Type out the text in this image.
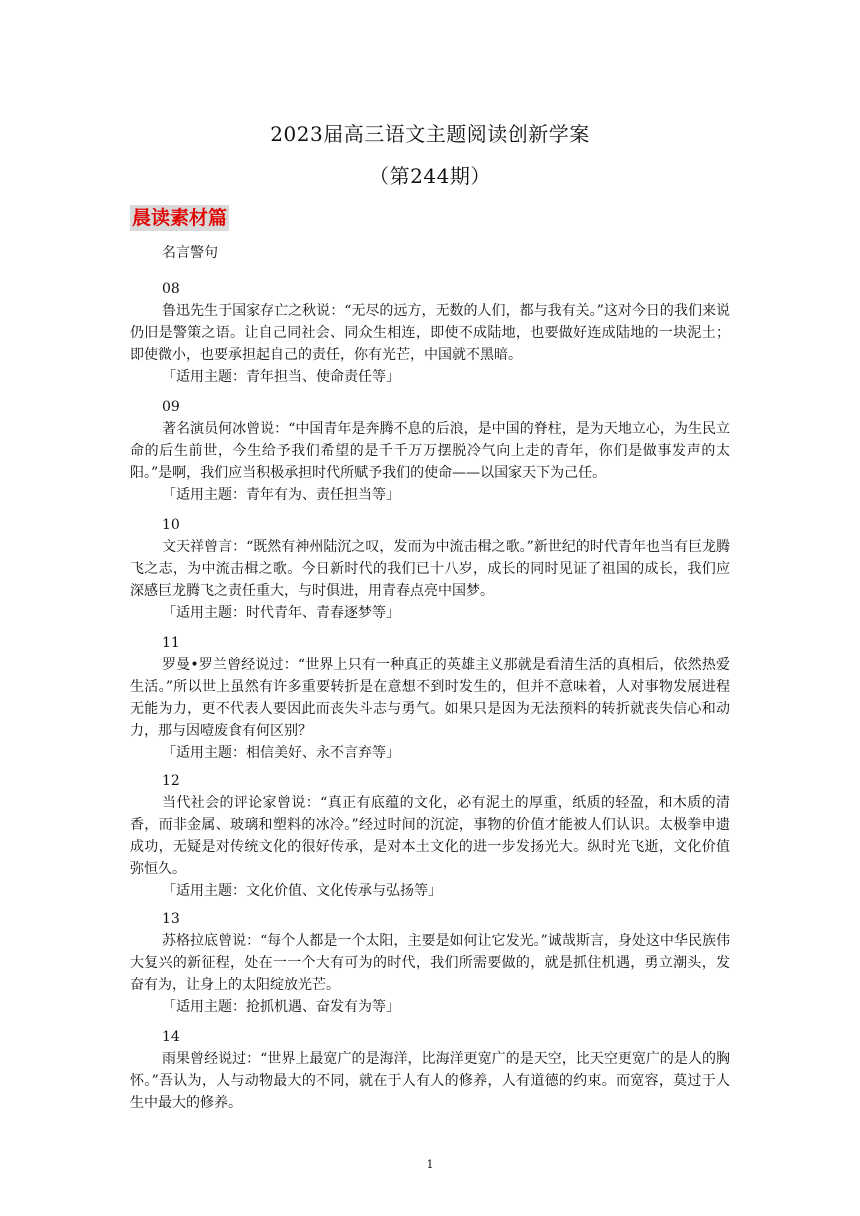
2023届高三语文主题阅读创新学案
（第244期）
晨读素材篇
名言警句
08
鲁迅先生于国家存亡之秋说：“无尽的远方，无数的人们，都与我有关。”这对今日的我们来说仍旧是警策之语。让自己同社会、同众生相连，即使不成陆地，也要做好连成陆地的一块泥土；即使微小，也要承担起自己的责任，你有光芒，中国就不黑暗。
「适用主题：青年担当、使命责任等」
09
著名演员何冰曾说：“中国青年是奔腾不息的后浪，是中国的脊柱，是为天地立心，为生民立命的后生前世，今生给予我们希望的是千千万万摆脱冷气向上走的青年，你们是做事发声的太阳。”是啊，我们应当积极承担时代所赋予我们的使命——以国家天下为己任。
「适用主题：青年有为、责任担当等」
10
文天祥曾言：“既然有神州陆沉之叹，发而为中流击楫之歌。”新世纪的时代青年也当有巨龙腾飞之志，为中流击楫之歌。今日新时代的我们已十八岁，成长的同时见证了祖国的成长，我们应深感巨龙腾飞之责任重大，与时俱进，用青春点亮中国梦。
「适用主题：时代青年、青春逐梦等」
11
罗曼•罗兰曾经说过：“世界上只有一种真正的英雄主义那就是看清生活的真相后，依然热爱生活。”所以世上虽然有许多重要转折是在意想不到时发生的，但并不意味着，人对事物发展进程无能为力，更不代表人要因此而丧失斗志与勇气。如果只是因为无法预料的转折就丧失信心和动力，那与因噎废食有何区别？
「适用主题：相信美好、永不言弃等」
12
当代社会的评论家曾说：“真正有底蕴的文化，必有泥土的厚重，纸质的轻盈，和木质的清香，而非金属、玻璃和塑料的冰冷。”经过时间的沉淀，事物的价值才能被人们认识。太极拳申遗成功，无疑是对传统文化的很好传承，是对本土文化的进一步发扬光大。纵时光飞逝，文化价值弥恒久。
「适用主题：文化价值、文化传承与弘扬等」
13
苏格拉底曾说：“每个人都是一个太阳，主要是如何让它发光。”诚哉斯言，身处这中华民族伟大复兴的新征程，处在一一个大有可为的时代，我们所需要做的，就是抓住机遇，勇立潮头，发奋有为，让身上的太阳绽放光芒。
「适用主题：抢抓机遇、奋发有为等」
14
雨果曾经说过：“世界上最宽广的是海洋，比海洋更宽广的是天空，比天空更宽广的是人的胸怀。”吾认为，人与动物最大的不同，就在于人有人的修养，人有道德的约束。而宽容，莫过于人生中最大的修养。
1
